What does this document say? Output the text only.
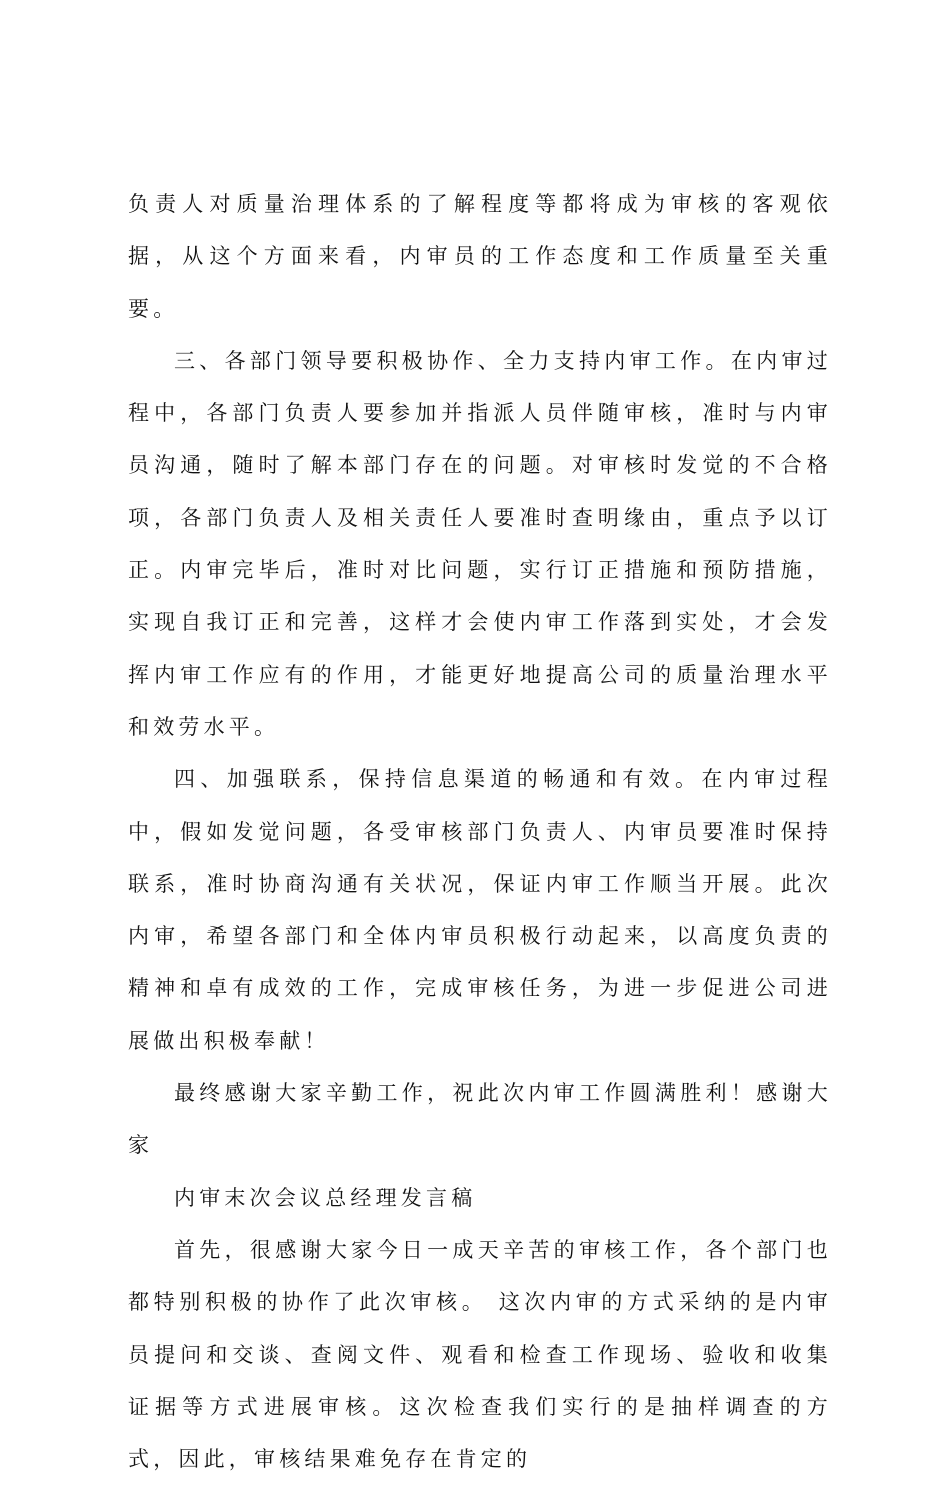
负责人对质量治理体系的了解程度等都将成为审核的客观依据，从这个方面来看，内审员的工作态度和工作质量至关重要。

三、各部门领导要积极协作、全力支持内审工作。在内审过程中，各部门负责人要参加并指派人员伴随审核，准时与内审员沟通，随时了解本部门存在的问题。对审核时发觉的不合格项，各部门负责人及相关责任人要准时查明缘由，重点予以订正。内审完毕后，准时对比问题，实行订正措施和预防措施，实现自我订正和完善，这样才会使内审工作落到实处，才会发挥内审工作应有的作用，才能更好地提高公司的质量治理水平和效劳水平。

四、加强联系，保持信息渠道的畅通和有效。在内审过程中，假如发觉问题，各受审核部门负责人、内审员要准时保持联系，准时协商沟通有关状况，保证内审工作顺当开展。此次内审，希望各部门和全体内审员积极行动起来，以高度负责的精神和卓有成效的工作，完成审核任务，为进一步促进公司进展做出积极奉献！

最终感谢大家辛勤工作，祝此次内审工作圆满胜利！感谢大家

内审末次会议总经理发言稿

首先，很感谢大家今日一成天辛苦的审核工作，各个部门也都特别积极的协作了此次审核。 这次内审的方式采纳的是内审员提问和交谈、查阅文件、观看和检查工作现场、验收和收集证据等方式进展审核。这次检查我们实行的是抽样调查的方式，因此，审核结果难免存在肯定的
